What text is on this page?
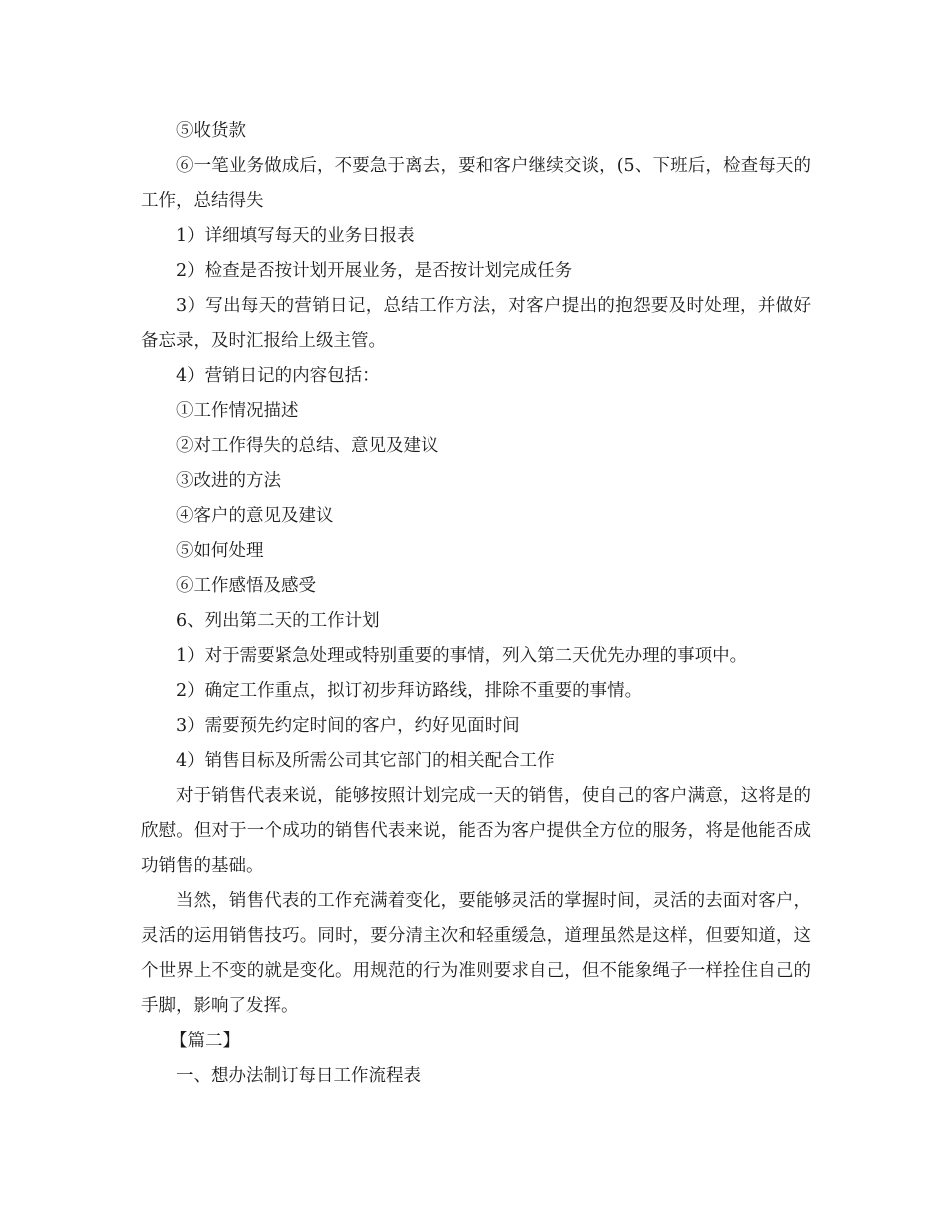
⑤收货款

⑥一笔业务做成后，不要急于离去，要和客户继续交谈，(5、下班后，检查每天的工作，总结得失

1）详细填写每天的业务日报表

2）检查是否按计划开展业务，是否按计划完成任务

3）写出每天的营销日记，总结工作方法，对客户提出的抱怨要及时处理，并做好备忘录，及时汇报给上级主管。

4）营销日记的内容包括：

①工作情况描述

②对工作得失的总结、意见及建议

③改进的方法

④客户的意见及建议

⑤如何处理

⑥工作感悟及感受

6、列出第二天的工作计划

1）对于需要紧急处理或特别重要的事情，列入第二天优先办理的事项中。

2）确定工作重点，拟订初步拜访路线，排除不重要的事情。

3）需要预先约定时间的客户，约好见面时间

4）销售目标及所需公司其它部门的相关配合工作

对于销售代表来说，能够按照计划完成一天的销售，使自己的客户满意，这将是的欣慰。但对于一个成功的销售代表来说，能否为客户提供全方位的服务，将是他能否成功销售的基础。

当然，销售代表的工作充满着变化，要能够灵活的掌握时间，灵活的去面对客户，灵活的运用销售技巧。同时，要分清主次和轻重缓急，道理虽然是这样，但要知道，这个世界上不变的就是变化。用规范的行为准则要求自己，但不能象绳子一样拴住自己的手脚，影响了发挥。

【篇二】

一、想办法制订每日工作流程表
